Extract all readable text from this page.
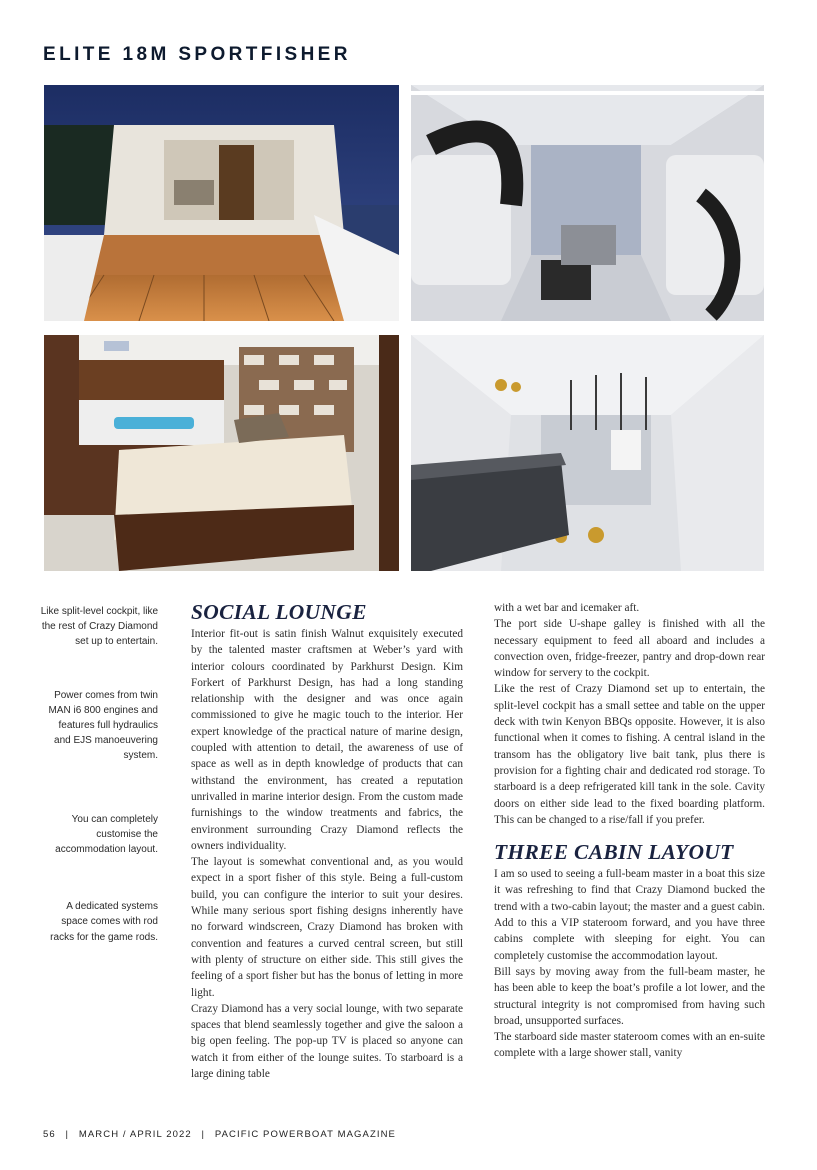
ELITE 18M SPORTFISHER
Like split-level cockpit, like the rest of Crazy Diamond set up to entertain.
Power comes from twin MAN i6 800 engines and features full hydraulics and EJS manoeuvering system.
You can completely customise the accommodation layout.
A dedicated systems space comes with rod racks for the game rods.
SOCIAL LOUNGE

Interior fit-out is satin finish Walnut exquisitely executed by the talented master craftsmen at Weber’s yard with interior colours coordinated by Parkhurst Design. Kim Forkert of Parkhurst Design, has had a long standing relationship with the designer and was once again commissioned to give he magic touch to the interior. Her expert knowledge of the practical nature of marine design, coupled with attention to detail, the awareness of use of space as well as in depth knowledge of products that can withstand the environment, has created a reputation unrivalled in marine interior design. From the custom made furnishings to the window treatments and fabrics, the environment surrounding Crazy Diamond reflects the owners individuality.

The layout is somewhat conventional and, as you would expect in a sport fisher of this style. Being a full-custom build, you can configure the interior to suit your desires. While many serious sport fishing designs inherently have no forward windscreen, Crazy Diamond has broken with convention and features a curved central screen, but still with plenty of structure on either side. This still gives the feeling of a sport fisher but has the bonus of letting in more light.

Crazy Diamond has a very social lounge, with two separate spaces that blend seamlessly together and give the saloon a big open feeling. The pop-up TV is placed so anyone can watch it from either of the lounge suites. To starboard is a large dining table

with a wet bar and icemaker aft.

The port side U-shape galley is finished with all the necessary equipment to feed all aboard and includes a convection oven, fridge-freezer, pantry and drop-down rear window for servery to the cockpit.

Like the rest of Crazy Diamond set up to entertain, the split-level cockpit has a small settee and table on the upper deck with twin Kenyon BBQs opposite. However, it is also functional when it comes to fishing. A central island in the transom has the obligatory live bait tank, plus there is provision for a fighting chair and dedicated rod storage. To starboard is a deep refrigerated kill tank in the sole. Cavity doors on either side lead to the fixed boarding platform. This can be changed to a rise/fall if you prefer.

THREE CABIN LAYOUT

I am so used to seeing a full-beam master in a boat this size it was refreshing to find that Crazy Diamond bucked the trend with a two-cabin layout; the master and a guest cabin. Add to this a VIP stateroom forward, and you have three cabins complete with sleeping for eight. You can completely customise the accommodation layout.

Bill says by moving away from the full-beam master, he has been able to keep the boat’s profile a lot lower, and the structural integrity is not compromised from having such broad, unsupported surfaces.

The starboard side master stateroom comes with an en-suite complete with a large shower stall, vanity

56 | MARCH / APRIL 2022 | PACIFIC POWERBOAT MAGAZINE
